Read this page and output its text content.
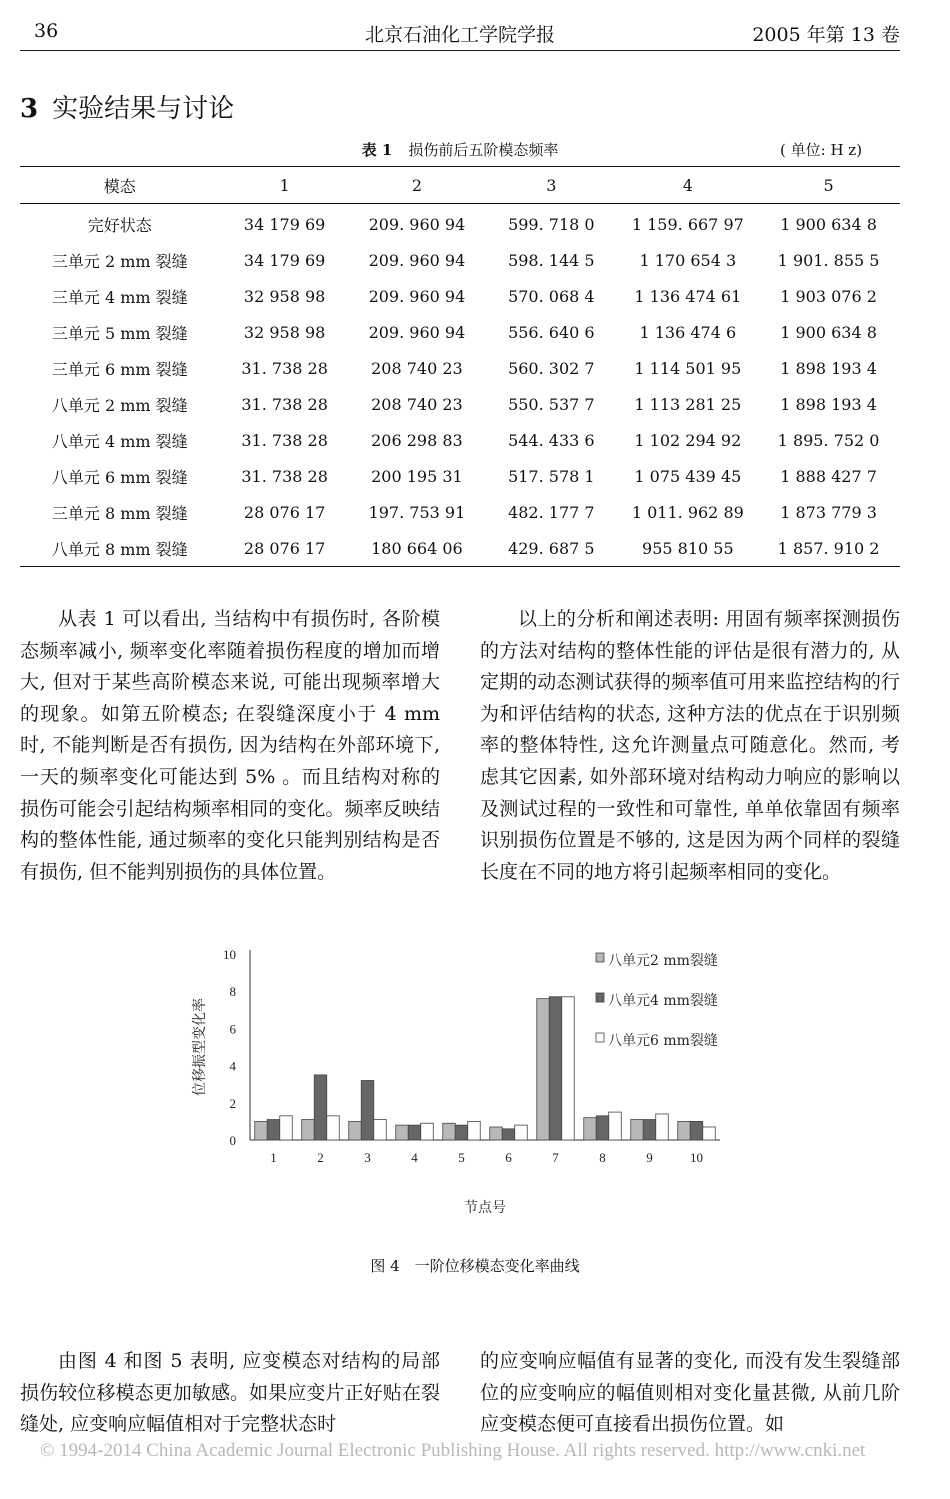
36	北京石油化工学院学报	2005 年第 13 卷
3 实验结果与讨论
表 1 损伤前后五阶模态频率	( 单位: H z)
模态	1	2	3	4	5
完好状态	34 179 69	209. 960 94	599. 718 0	1 159. 667 97	1 900 634 8
三单元 2 mm 裂缝	34 179 69	209. 960 94	598. 144 5	1 170 654 3	1 901. 855 5
三单元 4 mm 裂缝	32 958 98	209. 960 94	570. 068 4	1 136 474 61	1 903 076 2
三单元 5 mm 裂缝	32 958 98	209. 960 94	556. 640 6	1 136 474 6	1 900 634 8
三单元 6 mm 裂缝	31. 738 28	208 740 23	560. 302 7	1 114 501 95	1 898 193 4
八单元 2 mm 裂缝	31. 738 28	208 740 23	550. 537 7	1 113 281 25	1 898 193 4
八单元 4 mm 裂缝	31. 738 28	206 298 83	544. 433 6	1 102 294 92	1 895. 752 0
八单元 6 mm 裂缝	31. 738 28	200 195 31	517. 578 1	1 075 439 45	1 888 427 7
三单元 8 mm 裂缝	28 076 17	197. 753 91	482. 177 7	1 011. 962 89	1 873 779 3
八单元 8 mm 裂缝	28 076 17	180 664 06	429. 687 5	955 810 55	1 857. 910 2

从表 1 可以看出, 当结构中有损伤时, 各阶模态频率减小, 频率变化率随着损伤程度的增加而增大, 但对于某些高阶模态来说, 可能出现频率增大的现象。如第五阶模态; 在裂缝深度小于 4 mm 时, 不能判断是否有损伤, 因为结构在外部环境下, 一天的频率变化可能达到 5% 。而且结构对称的损伤可能会引起结构频率相同的变化。频率反映结构的整体性能, 通过频率的变化只能判别结构是否有损伤, 但不能判别损伤的具体位置。

以上的分析和阐述表明: 用固有频率探测损伤的方法对结构的整体性能的评估是很有潜力的, 从定期的动态测试获得的频率值可用来监控结构的行为和评估结构的状态, 这种方法的优点在于识别频率的整体特性, 这允许测量点可随意化。然而, 考虑其它因素, 如外部环境对结构动力响应的影响以及测试过程的一致性和可靠性, 单单依靠固有频率识别损伤位置是不够的, 这是因为两个同样的裂缝长度在不同的地方将引起频率相同的变化。

0
2
4
6
8
10
位移振型变化率
1	2	3	4	5	6	7	8	9	10
节点号
八单元2 mm裂缝
八单元4 mm裂缝
八单元6 mm裂缝
图 4　一阶位移模态变化率曲线

由图 4 和图 5 表明, 应变模态对结构的局部损伤较位移模态更加敏感。如果应变片正好贴在裂缝处, 应变响应幅值相对于完整状态时

的应变响应幅值有显著的变化, 而没有发生裂缝部位的应变响应的幅值则相对变化量甚微, 从前几阶应变模态便可直接看出损伤位置。如

© 1994-2014 China Academic Journal Electronic Publishing House. All rights reserved. http://www.cnki.net
